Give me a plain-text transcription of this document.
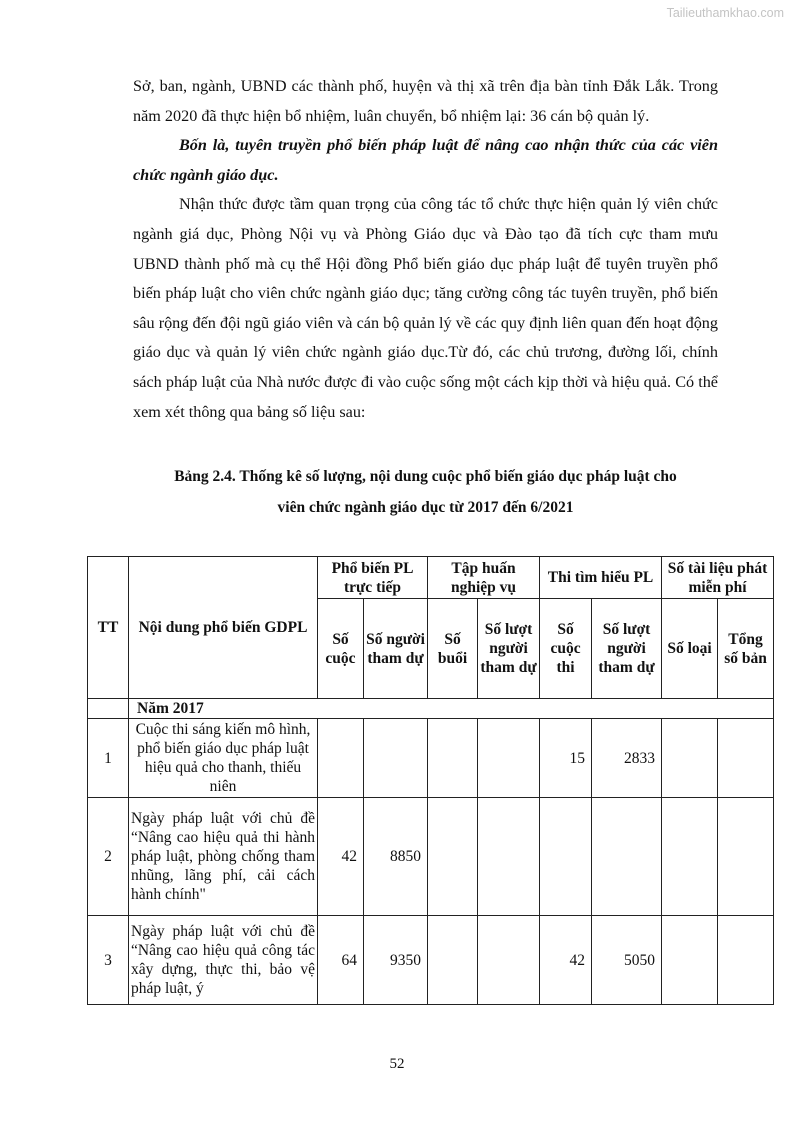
Tailieuthamkhao.com

Sở, ban, ngành, UBND các thành phố, huyện và thị xã trên địa bàn tỉnh Đắk Lắk. Trong năm 2020 đã thực hiện bổ nhiệm, luân chuyển, bổ nhiệm lại: 36 cán bộ quản lý.

Bốn là, tuyên truyền phổ biến pháp luật để nâng cao nhận thức của các viên chức ngành giáo dục.

Nhận thức được tầm quan trọng của công tác tổ chức thực hiện quản lý viên chức ngành giá dục, Phòng Nội vụ và Phòng Giáo dục và Đào tạo đã tích cực tham mưu UBND thành phố mà cụ thể Hội đồng Phổ biến giáo dục pháp luật để tuyên truyền phổ biến pháp luật cho viên chức ngành giáo dục; tăng cường công tác tuyên truyền, phổ biến sâu rộng đến đội ngũ giáo viên và cán bộ quản lý về các quy định liên quan đến hoạt động giáo dục và quản lý viên chức ngành giáo dục.Từ đó, các chủ trương, đường lối, chính sách pháp luật của Nhà nước được đi vào cuộc sống một cách kịp thời và hiệu quả. Có thể xem xét thông qua bảng số liệu sau:

Bảng 2.4. Thống kê số lượng, nội dung cuộc phổ biến giáo dục pháp luật cho
viên chức ngành giáo dục từ 2017 đến 6/2021
TT	Nội dung phổ biến GDPL	Phổ biến PL trực tiếp		Tập huấn nghiệp vụ		Thi tìm hiểu PL		Số tài liệu phát miễn phí	
		Số cuộc	Số người tham dự	Số buổi	Số lượt người tham dự	Số cuộc thi	Số lượt người tham dự	Số loại	Tổng số bản
	Năm 2017								
1	Cuộc thi sáng kiến mô hình, phổ biến giáo dục pháp luật hiệu quả cho thanh, thiếu niên					15	2833		
2	Ngày pháp luật với chủ đề “Nâng cao hiệu quả thi hành pháp luật, phòng chống tham nhũng, lãng phí, cải cách hành chính"	42	8850						
3	Ngày pháp luật với chủ đề “Nâng cao hiệu quả công tác xây dựng, thực thi, bảo vệ pháp luật, ý	64	9350			42	5050		
52
